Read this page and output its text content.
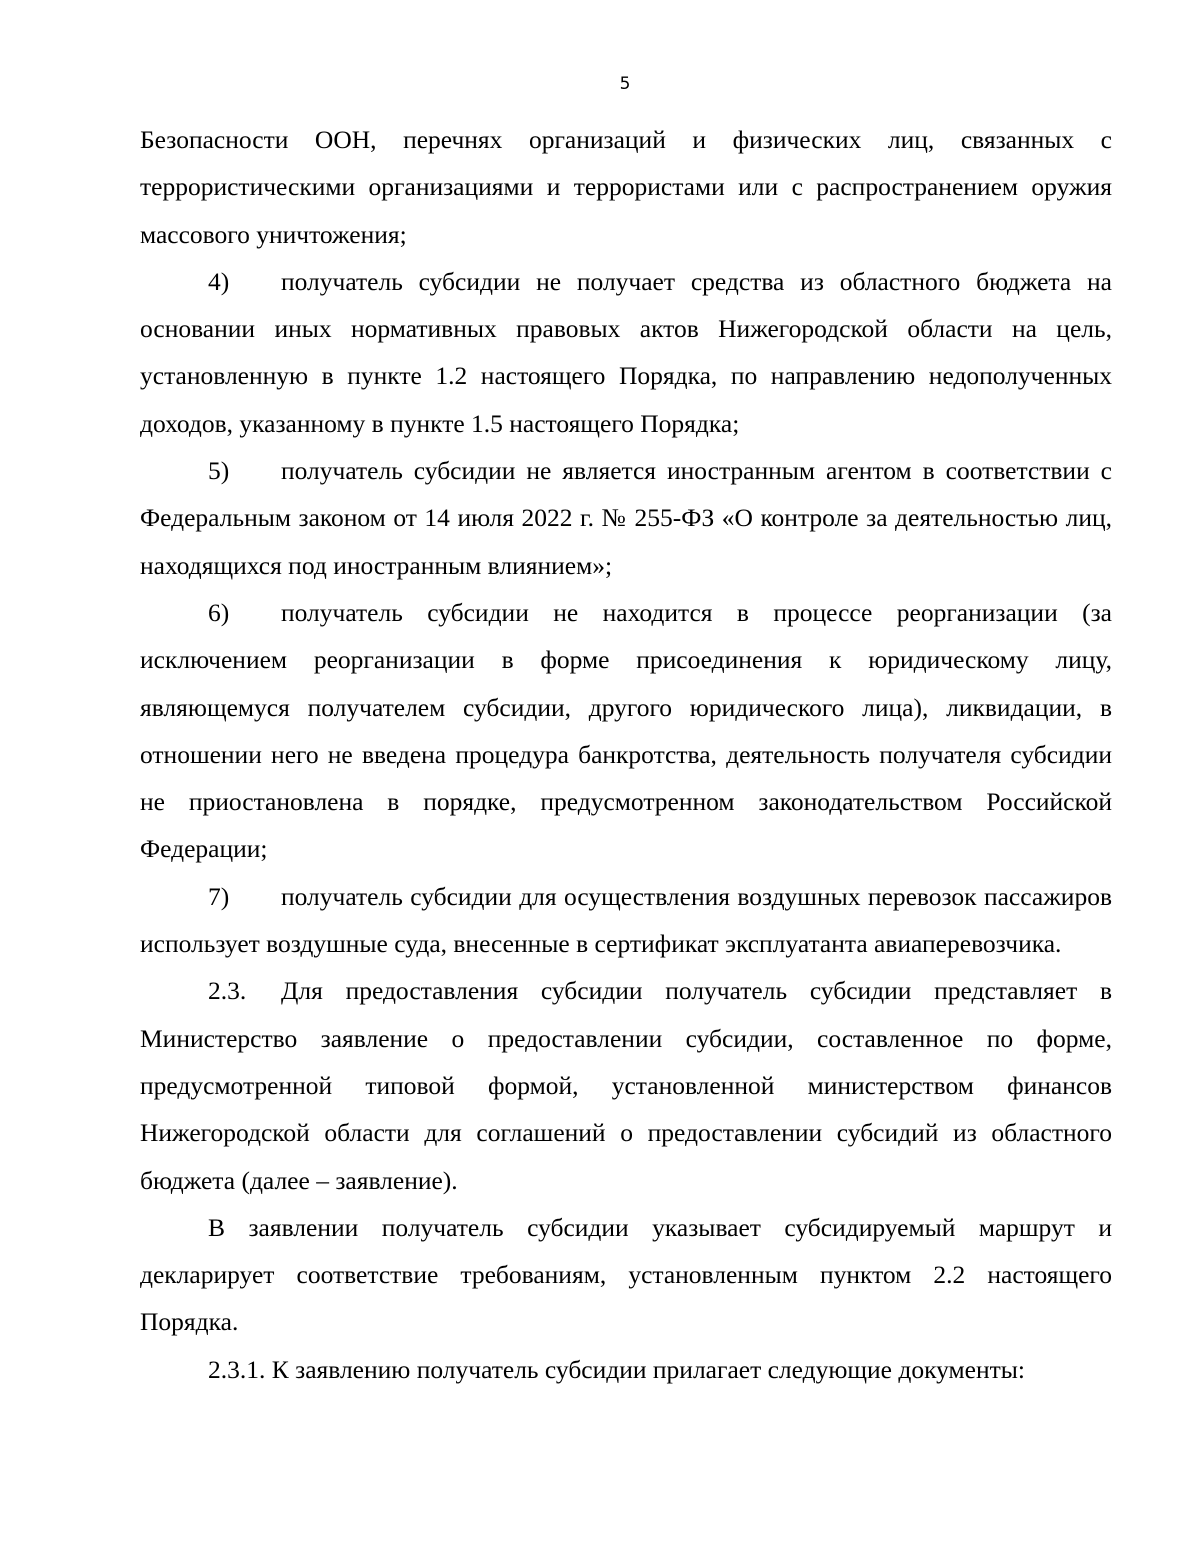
5

Безопасности ООН, перечнях организаций и физических лиц, связанных с террористическими организациями и террористами или с распространением оружия массового уничтожения;

4) получатель субсидии не получает средства из областного бюджета на основании иных нормативных правовых актов Нижегородской области на цель, установленную в пункте 1.2 настоящего Порядка, по направлению недополученных доходов, указанному в пункте 1.5 настоящего Порядка;

5) получатель субсидии не является иностранным агентом в соответствии с Федеральным законом от 14 июля 2022 г. № 255-ФЗ «О контроле за деятельностью лиц, находящихся под иностранным влиянием»;

6) получатель субсидии не находится в процессе реорганизации (за исключением реорганизации в форме присоединения к юридическому лицу, являющемуся получателем субсидии, другого юридического лица), ликвидации, в отношении него не введена процедура банкротства, деятельность получателя субсидии не приостановлена в порядке, предусмотренном законодательством Российской Федерации;

7) получатель субсидии для осуществления воздушных перевозок пассажиров использует воздушные суда, внесенные в сертификат эксплуатанта авиаперевозчика.

2.3. Для предоставления субсидии получатель субсидии представляет в Министерство заявление о предоставлении субсидии, составленное по форме, предусмотренной типовой формой, установленной министерством финансов Нижегородской области для соглашений о предоставлении субсидий из областного бюджета (далее – заявление).

В заявлении получатель субсидии указывает субсидируемый маршрут и декларирует соответствие требованиям, установленным пунктом 2.2 настоящего Порядка.

2.3.1. К заявлению получатель субсидии прилагает следующие документы:
